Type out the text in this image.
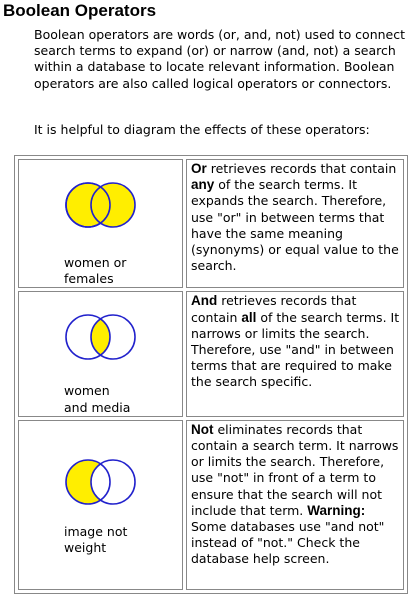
Boolean Operators

Boolean operators are words (or, and, not) used to connect search terms to expand (or) or narrow (and, not) a search within a database to locate relevant information. Boolean operators are also called logical operators or connectors.

It is helpful to diagram the effects of these operators:

women or
females	Or retrieves records that contain any of the search terms. It expands the search. Therefore, use "or" in between terms that have the same meaning (synonyms) or equal value to the search.

women
and media	And retrieves records that contain all of the search terms. It narrows or limits the search. Therefore, use "and" in between terms that are required to make the search specific.

image not
weight	Not eliminates records that contain a search term. It narrows or limits the search. Therefore, use "not" in front of a term to ensure that the search will not include that term. Warning: Some databases use "and not" instead of "not." Check the database help screen.
